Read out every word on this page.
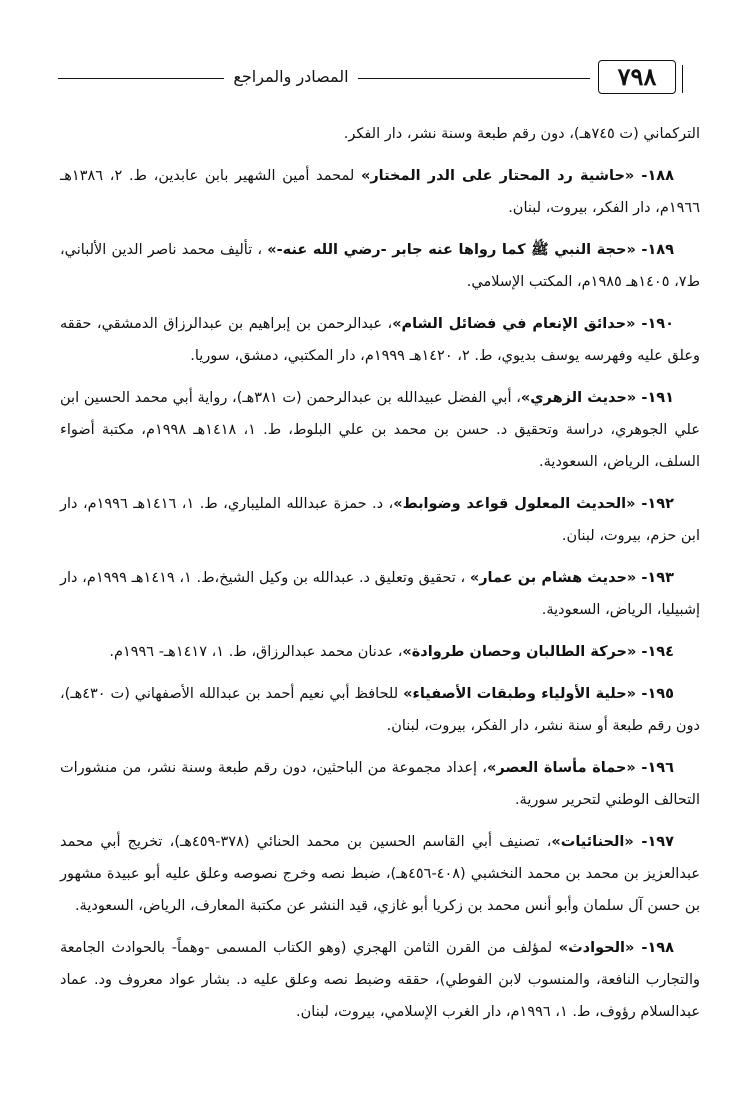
المصادر والمراجع	٧٩٨

التركماني (ت ٧٤٥هـ)، دون رقم طبعة وسنة نشر، دار الفكر.

١٨٨- «حاشية رد المحتار على الدر المختار» لمحمد أمين الشهير بابن عابدين، ط. ٢، ١٣٨٦هـ ١٩٦٦م، دار الفكر، بيروت، لبنان.

١٨٩- «حجة النبي ﷺ كما رواها عنه جابر -رضي الله عنه-» ، تأليف محمد ناصر الدين الألباني، ط٧، ١٤٠٥هـ ١٩٨٥م، المكتب الإسلامي.

١٩٠- «حدائق الإنعام في فضائل الشام»، عبدالرحمن بن إبراهيم بن عبدالرزاق الدمشقي، حققه وعلق عليه وفهرسه يوسف بديوي، ط. ٢، ١٤٢٠هـ ١٩٩٩م، دار المكتبي، دمشق، سوريا.

١٩١- «حديث الزهري»، أبي الفضل عبيدالله بن عبدالرحمن (ت ٣٨١هـ)، رواية أبي محمد الحسين ابن علي الجوهري، دراسة وتحقيق د. حسن بن محمد بن علي البلوط، ط. ١، ١٤١٨هـ ١٩٩٨م، مكتبة أضواء السلف، الرياض، السعودية.

١٩٢- «الحديث المعلول قواعد وضوابط»، د. حمزة عبدالله المليباري، ط. ١، ١٤١٦هـ ١٩٩٦م، دار ابن حزم، بيروت، لبنان.

١٩٣- «حديث هشام بن عمار» ، تحقيق وتعليق د. عبدالله بن وكيل الشيخ،ط. ١، ١٤١٩هـ ١٩٩٩م، دار إشبيليا، الرياض، السعودية.

١٩٤- «حركة الطالبان وحصان طروادة»، عدنان محمد عبدالرزاق، ط. ١، ١٤١٧هـ- ١٩٩٦م.

١٩٥- «حلية الأولياء وطبقات الأصفياء» للحافظ أبي نعيم أحمد بن عبدالله الأصفهاني (ت ٤٣٠هـ)، دون رقم طبعة أو سنة نشر، دار الفكر، بيروت، لبنان.

١٩٦- «حماة مأساة العصر»، إعداد مجموعة من الباحثين، دون رقم طبعة وسنة نشر، من منشورات التحالف الوطني لتحرير سورية.

١٩٧- «الحنائيات»، تصنيف أبي القاسم الحسين بن محمد الحنائي (٣٧٨-٤٥٩هـ)، تخريج أبي محمد عبدالعزيز بن محمد بن محمد النخشبي (٤٠٨-٤٥٦هـ)، ضبط نصه وخرج نصوصه وعلق عليه أبو عبيدة مشهور بن حسن آل سلمان وأبو أنس محمد بن زكريا أبو غازي، قيد النشر عن مكتبة المعارف، الرياض، السعودية.

١٩٨- «الحوادث» لمؤلف من القرن الثامن الهجري (وهو الكتاب المسمى -وهماً- بالحوادث الجامعة والتجارب النافعة، والمنسوب لابن الفوطي)، حققه وضبط نصه وعلق عليه د. بشار عواد معروف ود. عماد عبدالسلام رؤوف، ط. ١، ١٩٩٦م، دار الغرب الإسلامي، بيروت، لبنان.
